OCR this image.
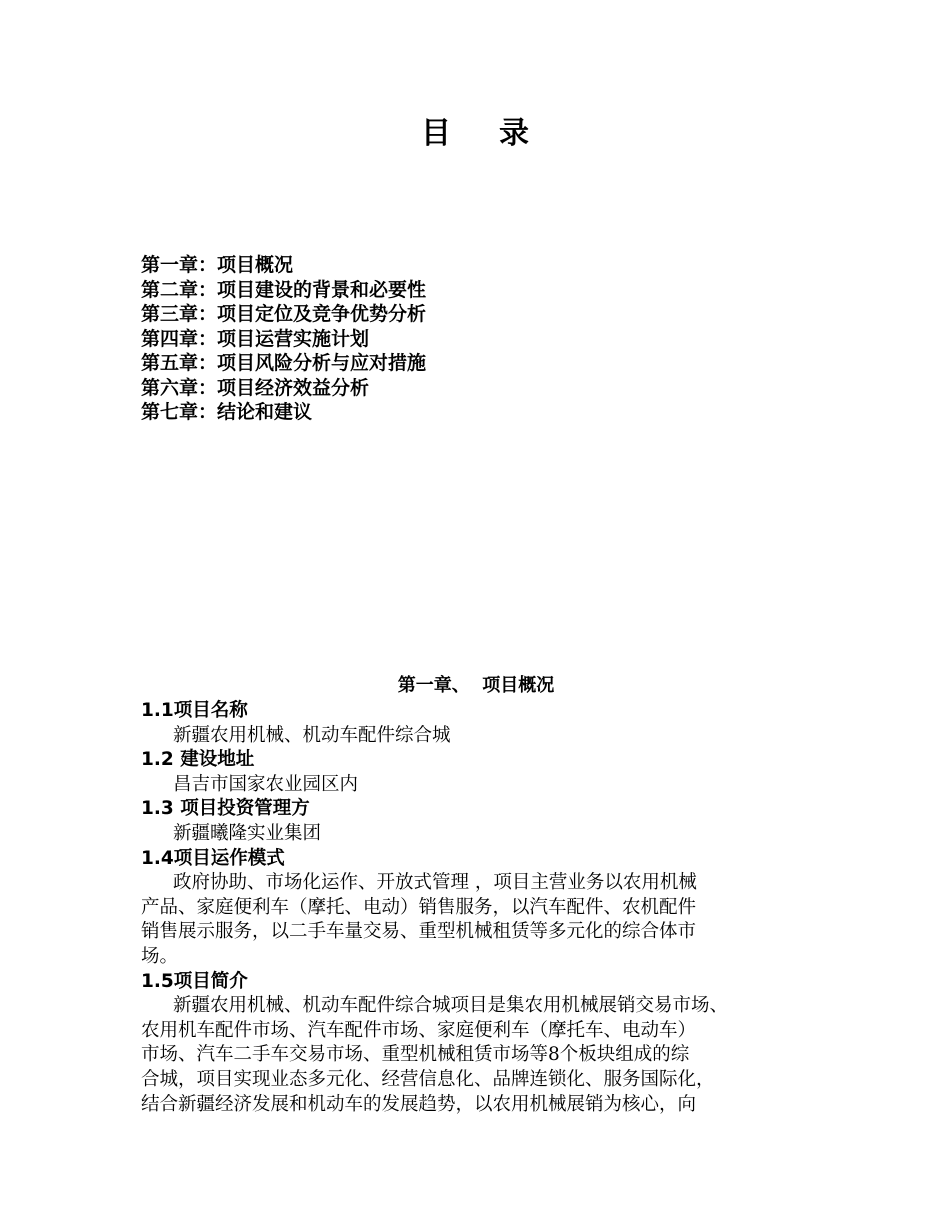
目 录
第一章：项目概况
第二章：项目建设的背景和必要性
第三章：项目定位及竞争优势分析
第四章：项目运营实施计划
第五章：项目风险分析与应对措施
第六章：项目经济效益分析
第七章：结论和建议
第一章、  项目概况
1.1项目名称
新疆农用机械、机动车配件综合城
1.2 建设地址
昌吉市国家农业园区内
1.3 项目投资管理方
新疆曦隆实业集团
1.4项目运作模式
政府协助、市场化运作、开放式管理 ，项目主营业务以农用机械
产品、家庭便利车（摩托、电动）销售服务，以汽车配件、农机配件
销售展示服务，以二手车量交易、重型机械租赁等多元化的综合体市
场。
1.5项目简介
新疆农用机械、机动车配件综合城项目是集农用机械展销交易市场、
农用机车配件市场、汽车配件市场、家庭便利车（摩托车、电动车）
市场、汽车二手车交易市场、重型机械租赁市场等8个板块组成的综
合城，项目实现业态多元化、经营信息化、品牌连锁化、服务国际化，
结合新疆经济发展和机动车的发展趋势，以农用机械展销为核心，向
